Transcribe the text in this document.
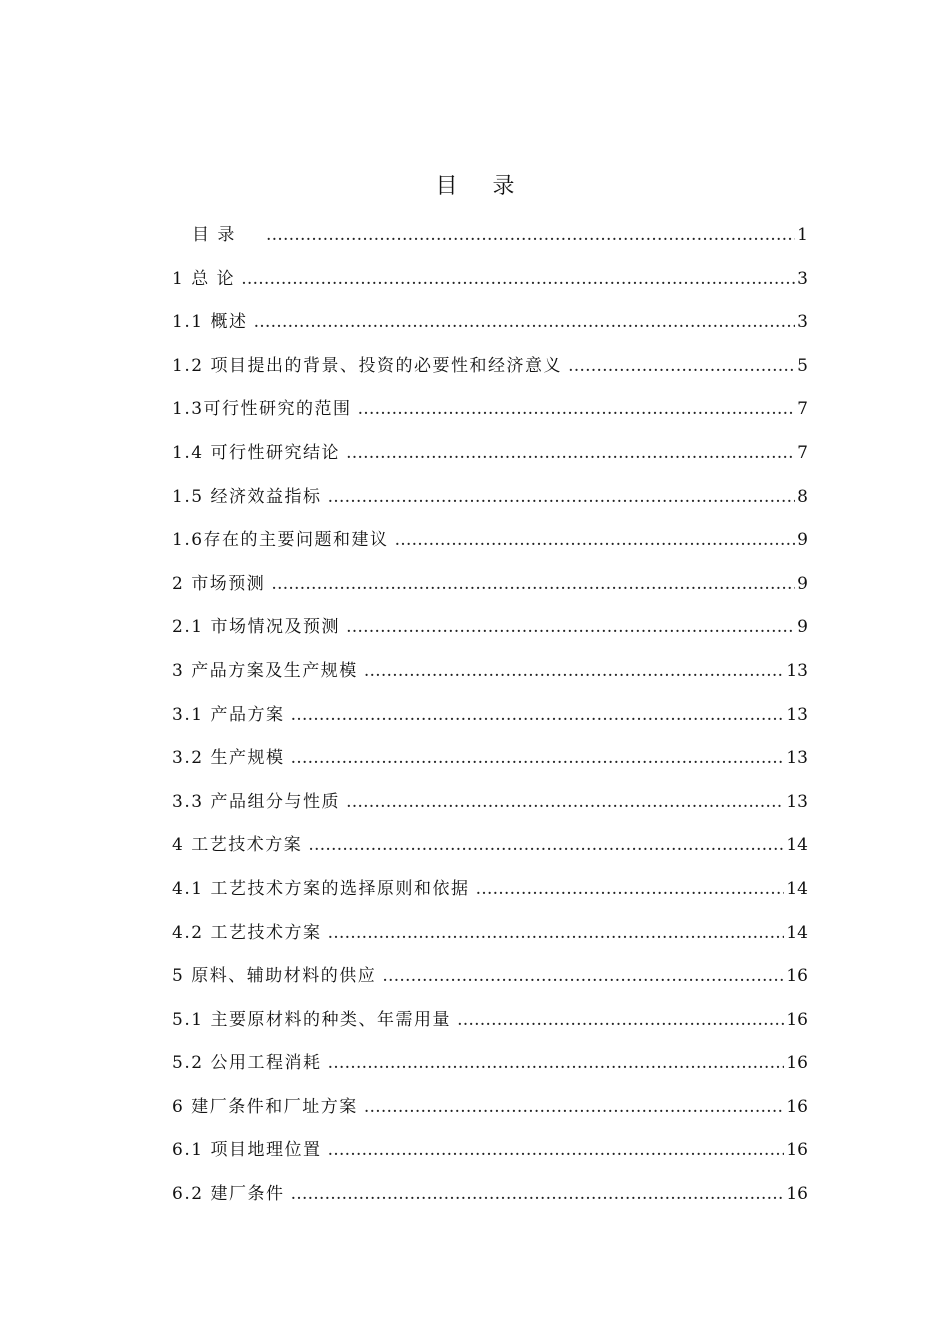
目 录
目 录 ……………………………………………………………………………………………………………………………………………………………	1
1 总 论 ……………………………………………………………………………………………………………………………………………………………	3
1.1 概述 ……………………………………………………………………………………………………………………………………………………………	3
1.2 项目提出的背景、投资的必要性和经济意义 ……………………………………………………………………………………………………………………………………………………………	5
1.3可行性研究的范围 ……………………………………………………………………………………………………………………………………………………………	7
1.4 可行性研究结论 ……………………………………………………………………………………………………………………………………………………………	7
1.5 经济效益指标 ……………………………………………………………………………………………………………………………………………………………	8
1.6存在的主要问题和建议 ……………………………………………………………………………………………………………………………………………………………	9
2 市场预测 ……………………………………………………………………………………………………………………………………………………………	9
2.1 市场情况及预测 ……………………………………………………………………………………………………………………………………………………………	9
3 产品方案及生产规模 ……………………………………………………………………………………………………………………………………………………………	13
3.1 产品方案 ……………………………………………………………………………………………………………………………………………………………	13
3.2 生产规模 ……………………………………………………………………………………………………………………………………………………………	13
3.3 产品组分与性质 ……………………………………………………………………………………………………………………………………………………………	13
4 工艺技术方案 ……………………………………………………………………………………………………………………………………………………………	14
4.1 工艺技术方案的选择原则和依据 ……………………………………………………………………………………………………………………………………………………………	14
4.2 工艺技术方案 ……………………………………………………………………………………………………………………………………………………………	14
5 原料、辅助材料的供应 ……………………………………………………………………………………………………………………………………………………………	16
5.1 主要原材料的种类、年需用量 ……………………………………………………………………………………………………………………………………………………………	16
5.2 公用工程消耗 ……………………………………………………………………………………………………………………………………………………………	16
6 建厂条件和厂址方案 ……………………………………………………………………………………………………………………………………………………………	16
6.1 项目地理位置 ……………………………………………………………………………………………………………………………………………………………	16
6.2 建厂条件 ……………………………………………………………………………………………………………………………………………………………	16
